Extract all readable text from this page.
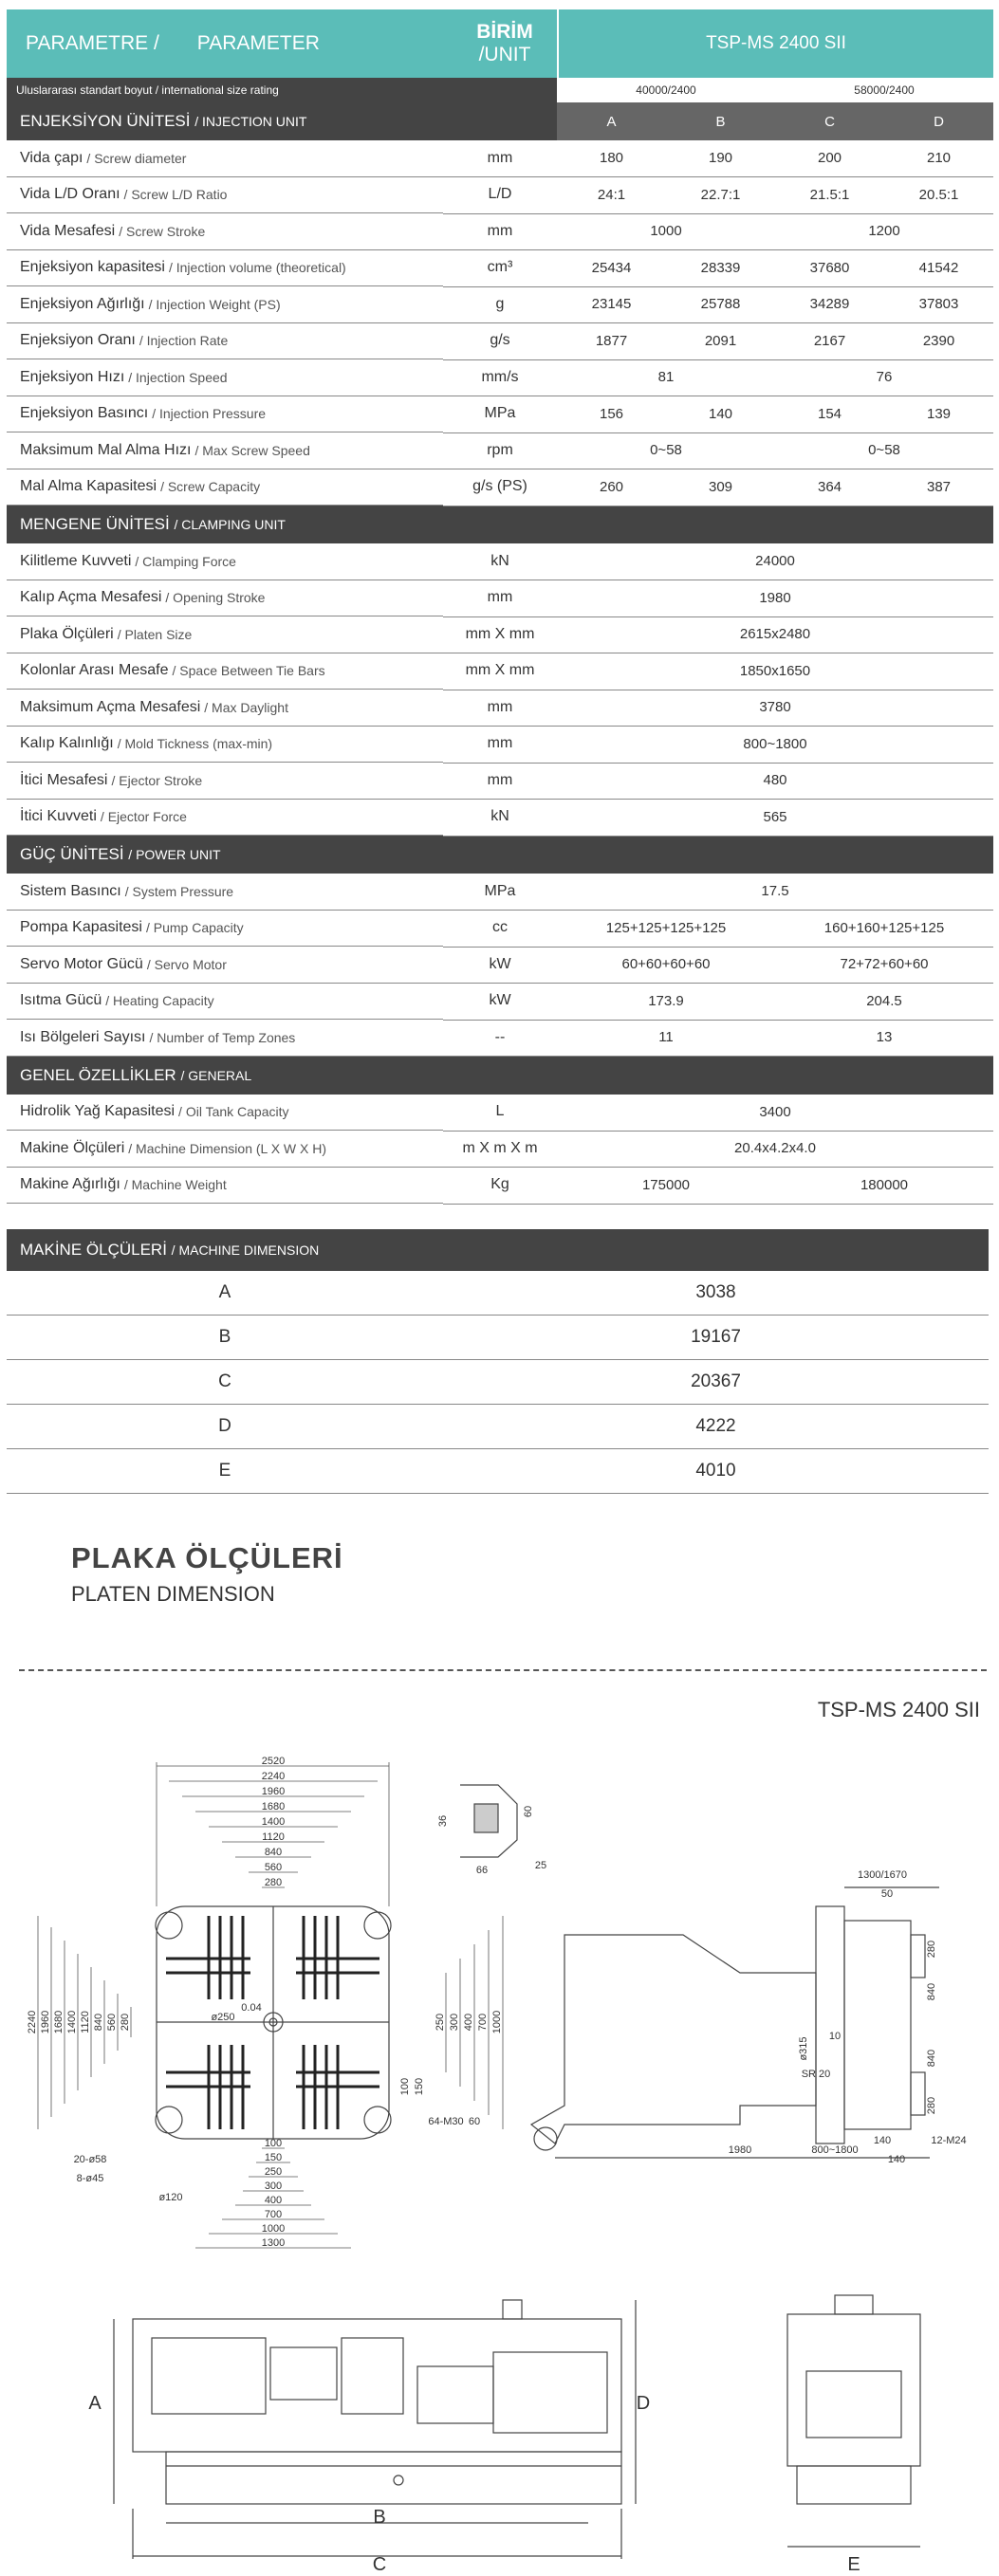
PARAMETRE / PARAMETER
BİRİM
/UNIT
TSP-MS 2400 SII
Uluslararası standart boyut / international size rating	40000/2400	58000/2400
ENJEKSİYON ÜNİTESİ / INJECTION UNIT	A	B	C	D
Vida çapı / Screw diameter	mm	180	190	200	210
Vida L/D Oranı / Screw L/D Ratio	L/D	24:1	22.7:1	21.5:1	20.5:1
Vida Mesafesi / Screw Stroke	mm	1000	1200
Enjeksiyon kapasitesi / Injection volume (theoretical)	cm³	25434	28339	37680	41542
Enjeksiyon Ağırlığı / Injection Weight (PS)	g	23145	25788	34289	37803
Enjeksiyon Oranı / Injection Rate	g/s	1877	2091	2167	2390
Enjeksiyon Hızı / Injection Speed	mm/s	81	76
Enjeksiyon Basıncı / Injection Pressure	MPa	156	140	154	139
Maksimum Mal Alma Hızı / Max Screw Speed	rpm	0~58	0~58
Mal Alma Kapasitesi / Screw Capacity	g/s (PS)	260	309	364	387
MENGENE ÜNİTESİ / CLAMPING UNIT
Kilitleme Kuvveti / Clamping Force	kN	24000
Kalıp Açma Mesafesi / Opening Stroke	mm	1980
Plaka Ölçüleri / Platen Size	mm X mm	2615x2480
Kolonlar Arası Mesafe / Space Between Tie Bars	mm X mm	1850x1650
Maksimum Açma Mesafesi / Max Daylight	mm	3780
Kalıp Kalınlığı / Mold Tickness (max-min)	mm	800~1800
İtici Mesafesi / Ejector Stroke	mm	480
İtici Kuvveti / Ejector Force	kN	565
GÜÇ ÜNİTESİ / POWER UNIT
Sistem Basıncı / System Pressure	MPa	17.5
Pompa Kapasitesi / Pump Capacity	cc	125+125+125+125	160+160+125+125
Servo Motor Gücü / Servo Motor	kW	60+60+60+60	72+72+60+60
Isıtma Gücü / Heating Capacity	kW	173.9	204.5
Isı Bölgeleri Sayısı / Number of Temp Zones	--	11	13
GENEL ÖZELLİKLER / GENERAL
Hidrolik Yağ Kapasitesi / Oil Tank Capacity	L	3400
Makine Ölçüleri / Machine Dimension (L X W X H)	m X m X m	20.4x4.2x4.0
Makine Ağırlığı / Machine Weight	Kg	175000	180000
MAKİNE ÖLÇÜLERİ
/ MACHINE DIMENSION
A	3038
B	19167
C	20367
D	4222
E	4010
PLAKA ÖLÇÜLERİ
PLATEN DIMENSION
TSP-MS 2400 SII
2520
2240
1960
1680
1400
1120
840
560
280
2240 1960 1680 1400 1120 840 560 280	250 300 400 700 1000
100
150
250
300
400
700
1000
1300
100 150
ø250
0.04
64-M30 60
20-ø58
8-ø45
ø120
36
60
25
66	1300/1670
50
280
840
840
280
ø315
10
SR 20
1980	800~1800
140
140
12-M24
A
B
C
D
E
